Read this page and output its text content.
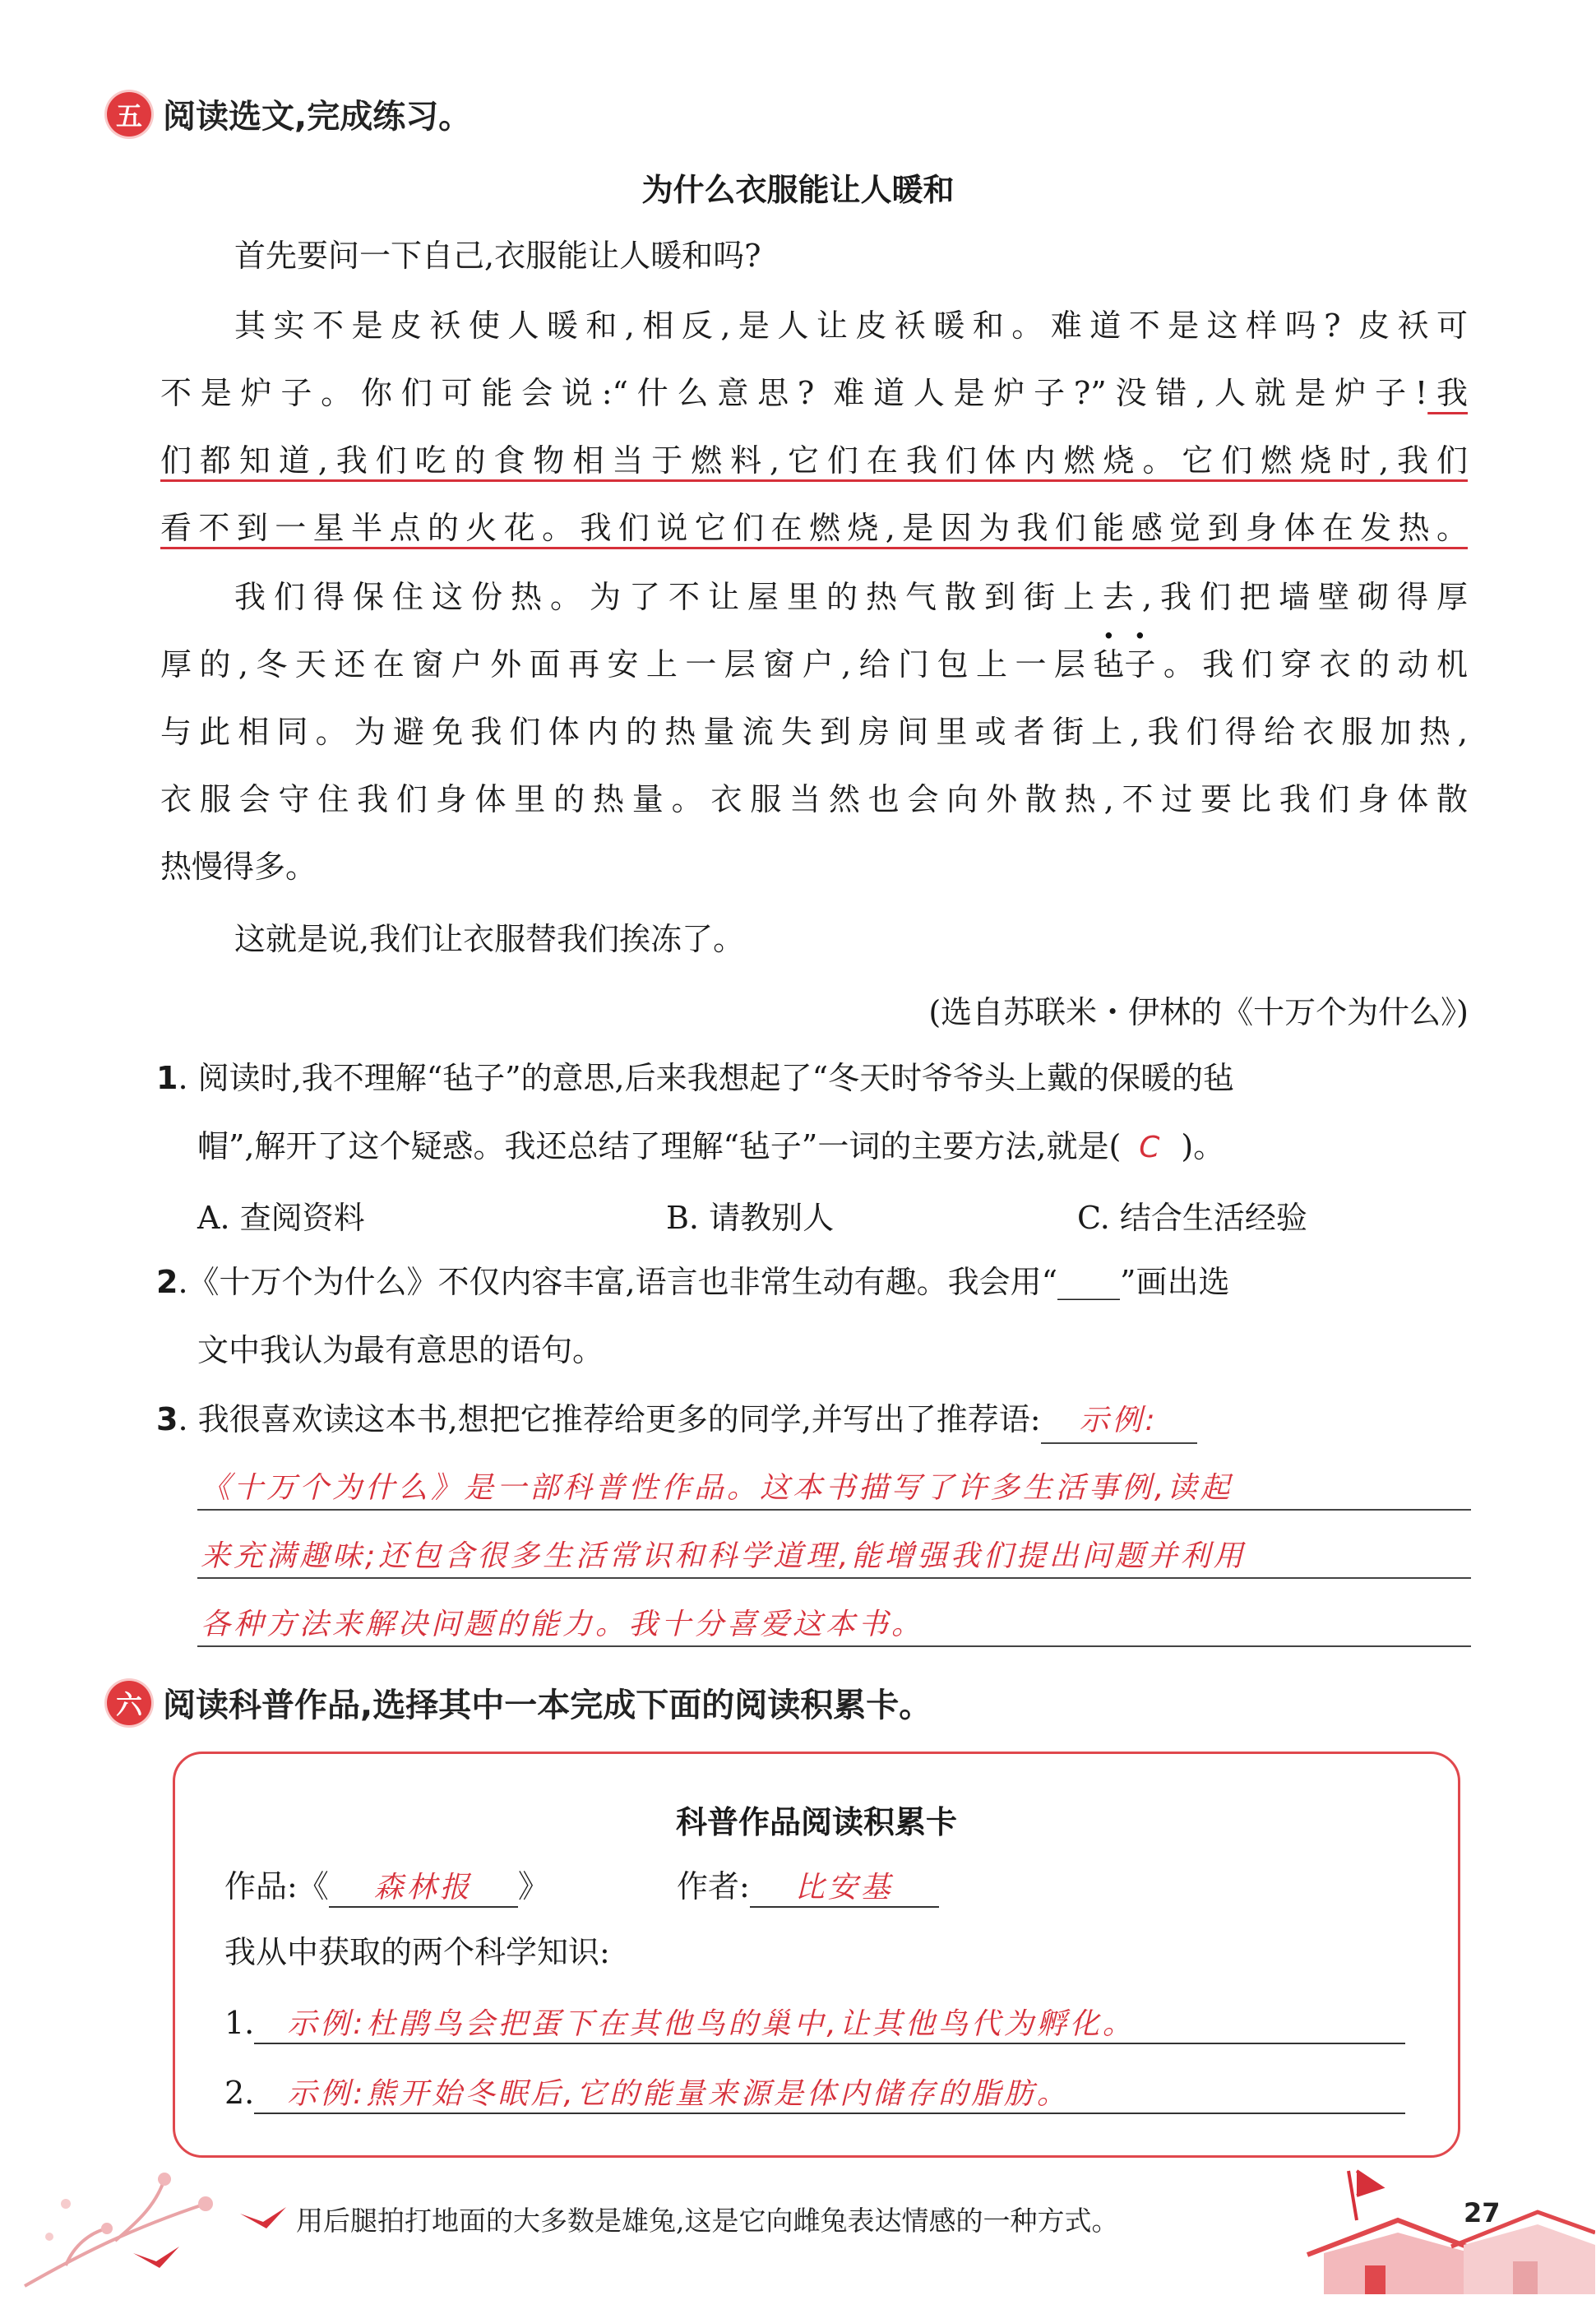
五 阅读选文,完成练习。
为什么衣服能让人暖和
首先要问一下自己,衣服能让人暖和吗?
其实不是皮袄使人暖和,相反,是人让皮袄暖和。难道不是这样吗? 皮袄可
不是炉子。你们可能会说:“什么意思? 难道人是炉子?”没错,人就是炉子!我
们都知道,我们吃的食物相当于燃料,它们在我们体内燃烧。它们燃烧时,我们
看不到一星半点的火花。我们说它们在燃烧,是因为我们能感觉到身体在发热。
我们得保住这份热。为了不让屋里的热气散到街上去,我们把墙壁砌得厚
厚的,冬天还在窗户外面再安上一层窗户,给门包上一层毡子。我们穿衣的动机
与此相同。为避免我们体内的热量流失到房间里或者街上,我们得给衣服加热,
衣服会守住我们身体里的热量。衣服当然也会向外散热,不过要比我们身体散
热慢得多。
这就是说,我们让衣服替我们挨冻了。
(选自苏联米・伊林的《十万个为什么》)
1. 阅读时,我不理解“毡子”的意思,后来我想起了“冬天时爷爷头上戴的保暖的毡
帽”,解开了这个疑惑。我还总结了理解“毡子”一词的主要方法,就是( C )。
A. 查阅资料	B. 请教别人	C. 结合生活经验
2.《十万个为什么》不仅内容丰富,语言也非常生动有趣。我会用“____”画出选
文中我认为最有意思的语句。
3. 我很喜欢读这本书,想把它推荐给更多的同学,并写出了推荐语: 示例:
《十万个为什么》是一部科普性作品。这本书描写了许多生活事例,读起
来充满趣味;还包含很多生活常识和科学道理,能增强我们提出问题并利用
各种方法来解决问题的能力。我十分喜爱这本书。
六 阅读科普作品,选择其中一本完成下面的阅读积累卡。
科普作品阅读积累卡
作品:《 森林报 》	作者: 比安基
我从中获取的两个科学知识:
1. 示例:杜鹃鸟会把蛋下在其他鸟的巢中,让其他鸟代为孵化。
2. 示例:熊开始冬眠后,它的能量来源是体内储存的脂肪。
用后腿拍打地面的大多数是雄兔,这是它向雌兔表达情感的一种方式。	27
